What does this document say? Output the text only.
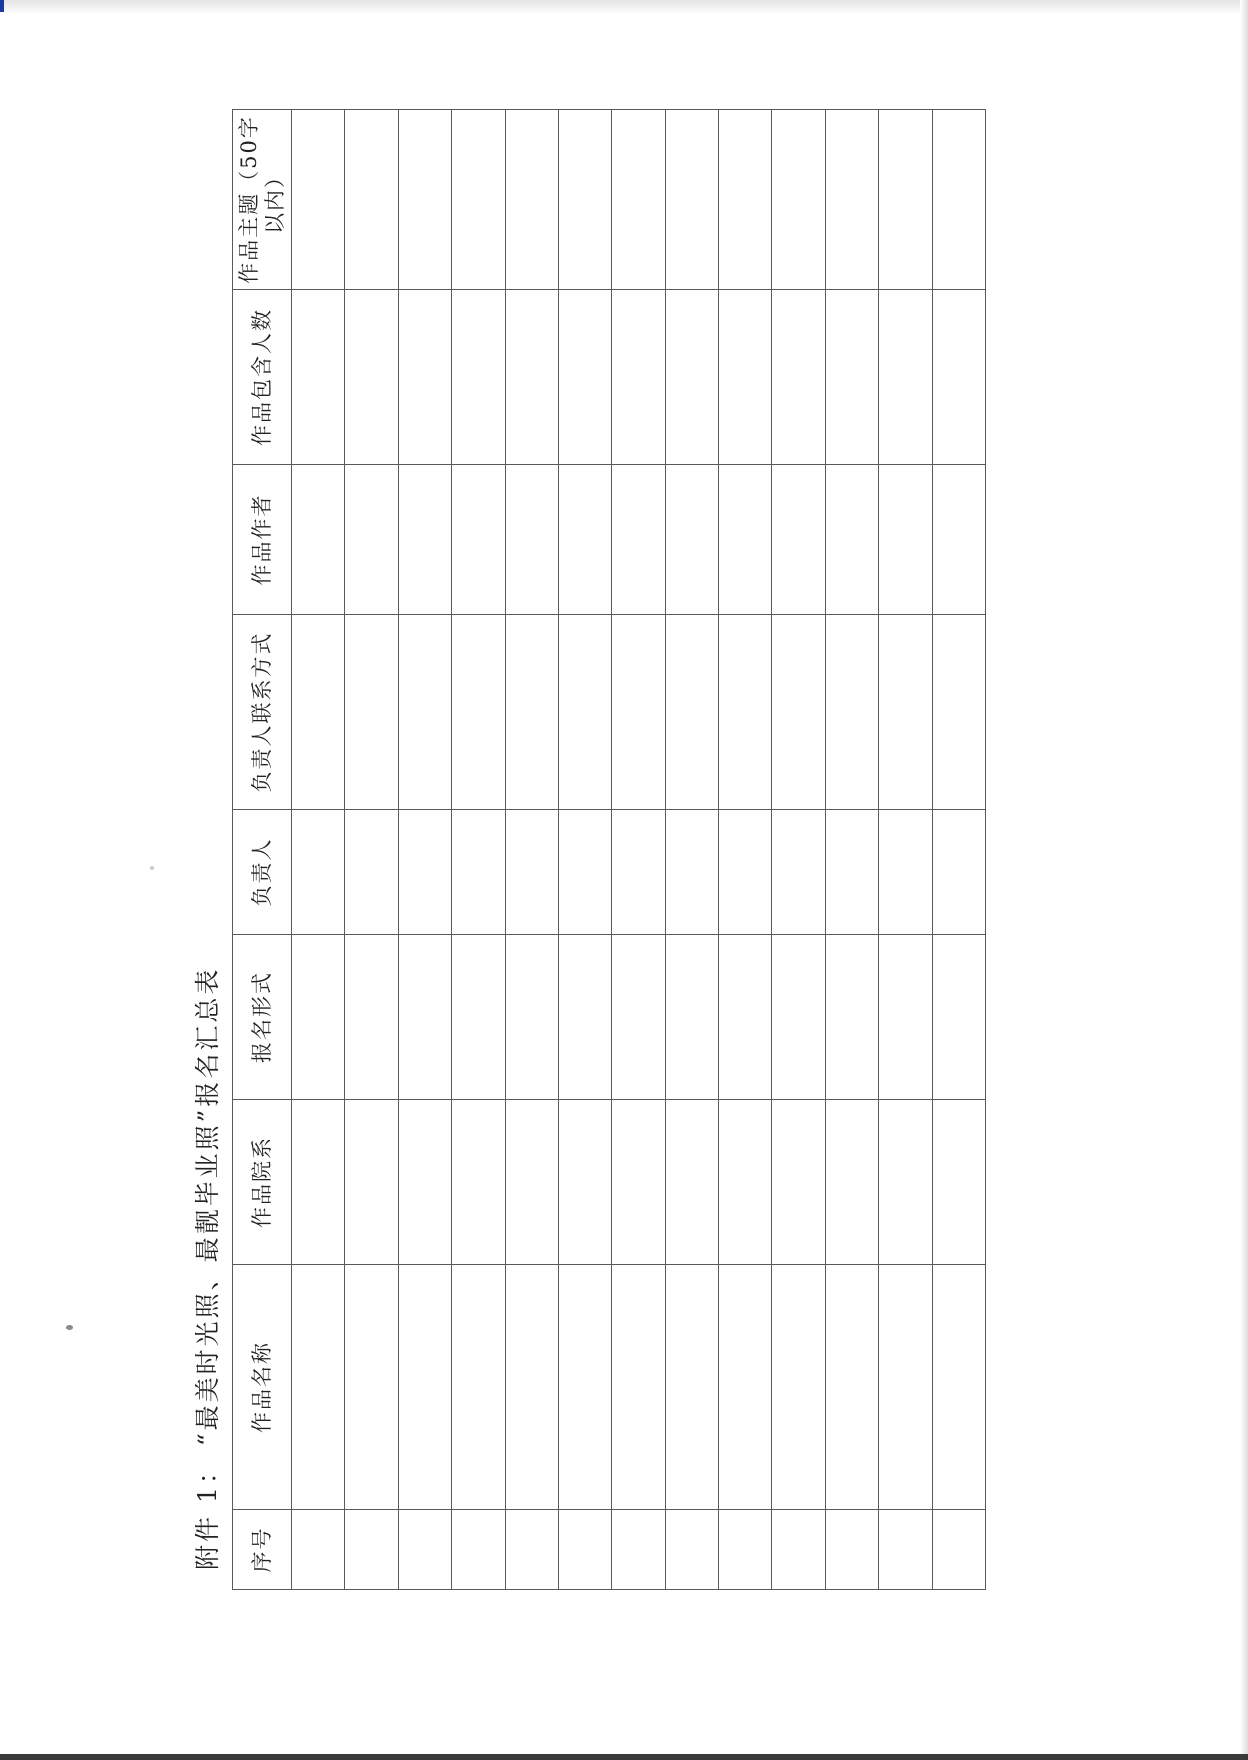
附件 1：“最美时光照、最靓毕业照”报名汇总表
序号	作品名称	作品院系	报名形式	负责人	负责人联系方式	作品作者	作品包含人数	作品主题（50字以内）
